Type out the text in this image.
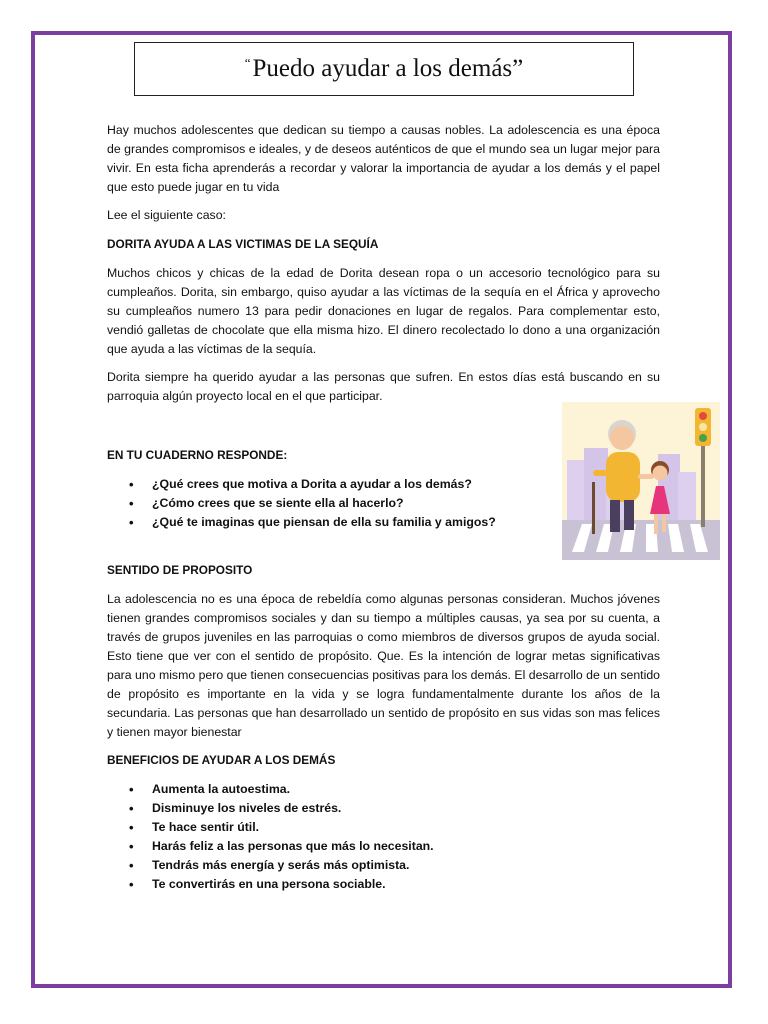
“Puedo ayudar a los demás”

Hay muchos adolescentes que dedican su tiempo a causas nobles. La adolescencia es una época de grandes compromisos e ideales, y de deseos auténticos de que el mundo sea un lugar mejor para vivir. En esta ficha aprenderás a recordar y valorar la importancia de ayudar a los demás y el papel que esto puede jugar en tu vida

Lee el siguiente caso:

DORITA AYUDA A LAS VICTIMAS DE LA SEQUÍA

Muchos chicos y chicas de la edad de Dorita desean ropa o un accesorio tecnológico para su cumpleaños. Dorita, sin embargo, quiso ayudar a las víctimas de la sequía en el África y aprovecho su cumpleaños numero 13 para pedir donaciones en lugar de regalos. Para complementar esto, vendió galletas de chocolate que ella misma hizo. El dinero recolectado lo dono a una organización que ayuda a las víctimas de la sequía.

Dorita siempre ha querido ayudar a las personas que sufren. En estos días está buscando en su parroquia algún proyecto local en el que participar.

EN TU CUADERNO RESPONDE:

• ¿Qué crees que motiva a Dorita a ayudar a los demás?
• ¿Cómo crees que se siente ella al hacerlo?
• ¿Qué te imaginas que piensan de ella su familia y amigos?

SENTIDO DE PROPOSITO

La adolescencia no es una época de rebeldía como algunas personas consideran. Muchos jóvenes tienen grandes compromisos sociales y dan su tiempo a múltiples causas, ya sea por su cuenta, a través de grupos juveniles en las parroquias o como miembros de diversos grupos de ayuda social. Esto tiene que ver con el sentido de propósito. Que. Es la intención de lograr metas significativas para uno mismo pero que tienen consecuencias positivas para los demás. El desarrollo de un sentido de propósito es importante en la vida y se logra fundamentalmente durante los años de la secundaria. Las personas que han desarrollado un sentido de propósito en sus vidas son mas felices y tienen mayor bienestar

BENEFICIOS DE AYUDAR A LOS DEMÁS

• Aumenta la autoestima.
• Disminuye los niveles de estrés.
• Te hace sentir útil.
• Harás feliz a las personas que más lo necesitan.
• Tendrás más energía y serás más optimista.
• Te convertirás en una persona sociable.
